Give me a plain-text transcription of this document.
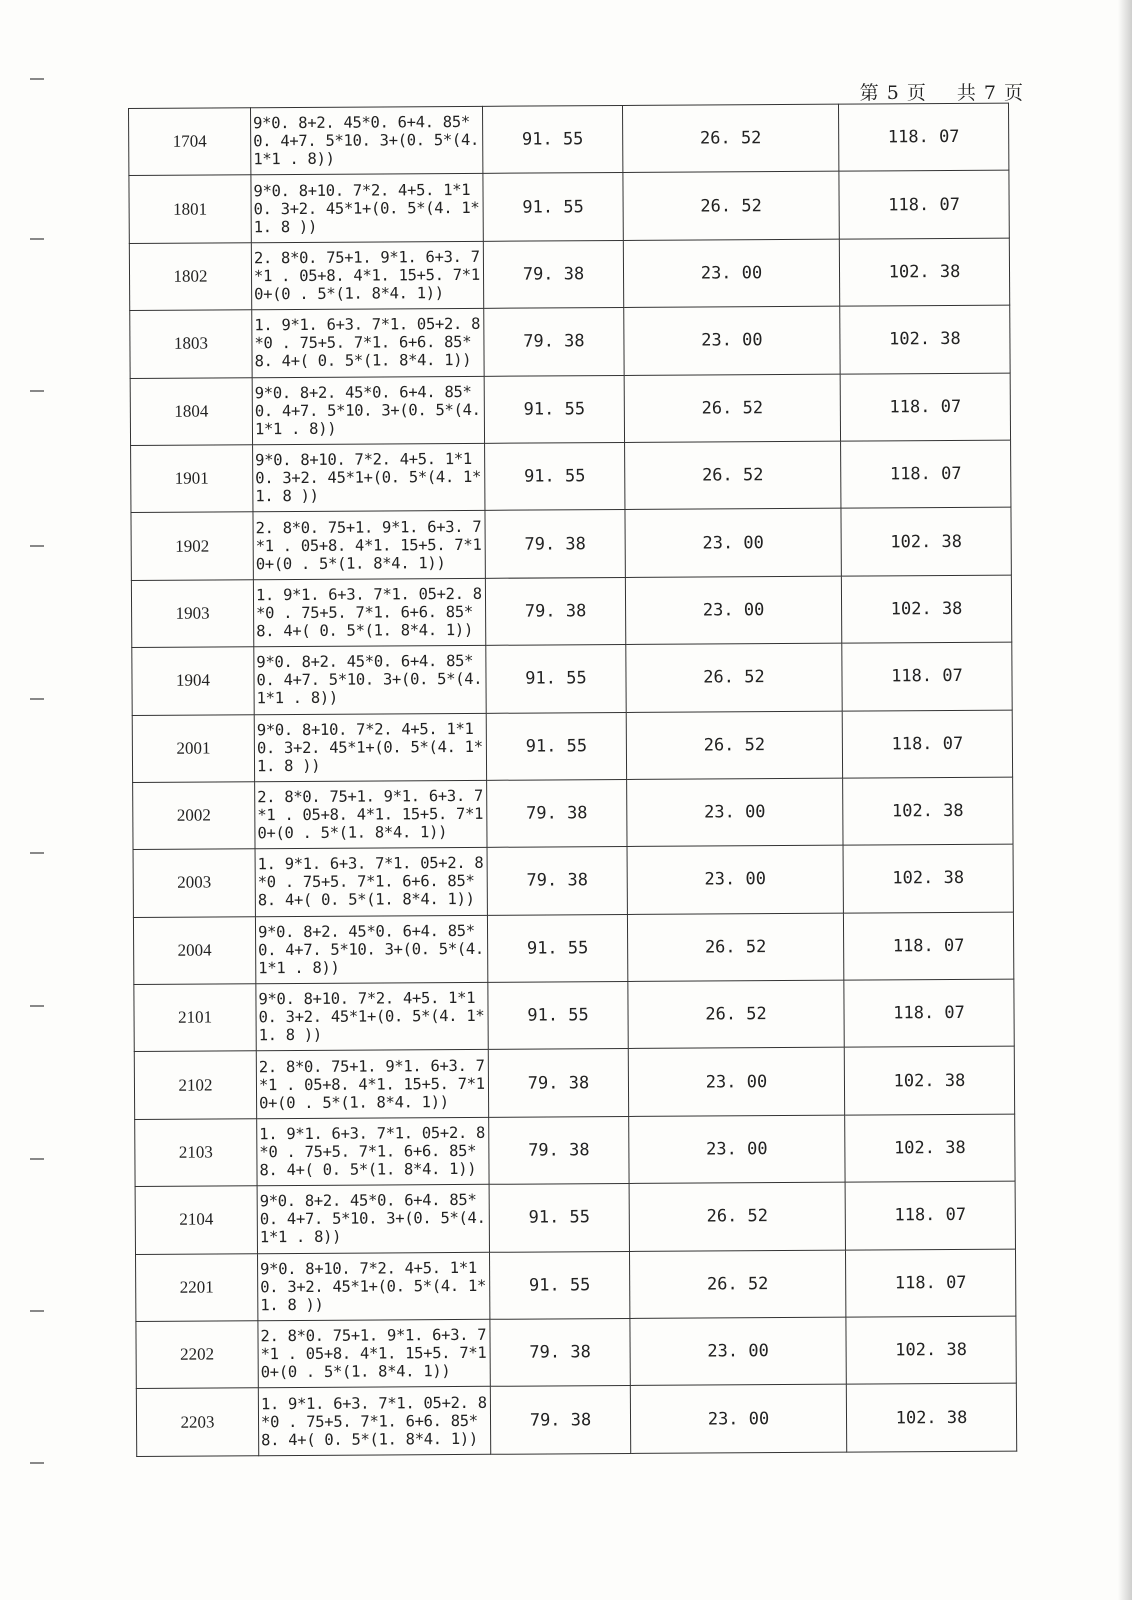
第 5 页 共 7 页
1704	9*0. 8+2. 45*0. 6+4. 85*0. 4+7. 5*10. 3+(0. 5*(4. 1*1 . 8))	91. 55	26. 52	118. 07
1801	9*0. 8+10. 7*2. 4+5. 1*10. 3+2. 45*1+(0. 5*(4. 1*1. 8 ))	91. 55	26. 52	118. 07
1802	2. 8*0. 75+1. 9*1. 6+3. 7*1 . 05+8. 4*1. 15+5. 7*10+(0 . 5*(1. 8*4. 1))	79. 38	23. 00	102. 38
1803	1. 9*1. 6+3. 7*1. 05+2. 8*0 . 75+5. 7*1. 6+6. 85*8. 4+( 0. 5*(1. 8*4. 1))	79. 38	23. 00	102. 38
1804	9*0. 8+2. 45*0. 6+4. 85*0. 4+7. 5*10. 3+(0. 5*(4. 1*1 . 8))	91. 55	26. 52	118. 07
1901	9*0. 8+10. 7*2. 4+5. 1*10. 3+2. 45*1+(0. 5*(4. 1*1. 8 ))	91. 55	26. 52	118. 07
1902	2. 8*0. 75+1. 9*1. 6+3. 7*1 . 05+8. 4*1. 15+5. 7*10+(0 . 5*(1. 8*4. 1))	79. 38	23. 00	102. 38
1903	1. 9*1. 6+3. 7*1. 05+2. 8*0 . 75+5. 7*1. 6+6. 85*8. 4+( 0. 5*(1. 8*4. 1))	79. 38	23. 00	102. 38
1904	9*0. 8+2. 45*0. 6+4. 85*0. 4+7. 5*10. 3+(0. 5*(4. 1*1 . 8))	91. 55	26. 52	118. 07
2001	9*0. 8+10. 7*2. 4+5. 1*10. 3+2. 45*1+(0. 5*(4. 1*1. 8 ))	91. 55	26. 52	118. 07
2002	2. 8*0. 75+1. 9*1. 6+3. 7*1 . 05+8. 4*1. 15+5. 7*10+(0 . 5*(1. 8*4. 1))	79. 38	23. 00	102. 38
2003	1. 9*1. 6+3. 7*1. 05+2. 8*0 . 75+5. 7*1. 6+6. 85*8. 4+( 0. 5*(1. 8*4. 1))	79. 38	23. 00	102. 38
2004	9*0. 8+2. 45*0. 6+4. 85*0. 4+7. 5*10. 3+(0. 5*(4. 1*1 . 8))	91. 55	26. 52	118. 07
2101	9*0. 8+10. 7*2. 4+5. 1*10. 3+2. 45*1+(0. 5*(4. 1*1. 8 ))	91. 55	26. 52	118. 07
2102	2. 8*0. 75+1. 9*1. 6+3. 7*1 . 05+8. 4*1. 15+5. 7*10+(0 . 5*(1. 8*4. 1))	79. 38	23. 00	102. 38
2103	1. 9*1. 6+3. 7*1. 05+2. 8*0 . 75+5. 7*1. 6+6. 85*8. 4+( 0. 5*(1. 8*4. 1))	79. 38	23. 00	102. 38
2104	9*0. 8+2. 45*0. 6+4. 85*0. 4+7. 5*10. 3+(0. 5*(4. 1*1 . 8))	91. 55	26. 52	118. 07
2201	9*0. 8+10. 7*2. 4+5. 1*10. 3+2. 45*1+(0. 5*(4. 1*1. 8 ))	91. 55	26. 52	118. 07
2202	2. 8*0. 75+1. 9*1. 6+3. 7*1 . 05+8. 4*1. 15+5. 7*10+(0 . 5*(1. 8*4. 1))	79. 38	23. 00	102. 38
2203	1. 9*1. 6+3. 7*1. 05+2. 8*0 . 75+5. 7*1. 6+6. 85*8. 4+( 0. 5*(1. 8*4. 1))	79. 38	23. 00	102. 38
